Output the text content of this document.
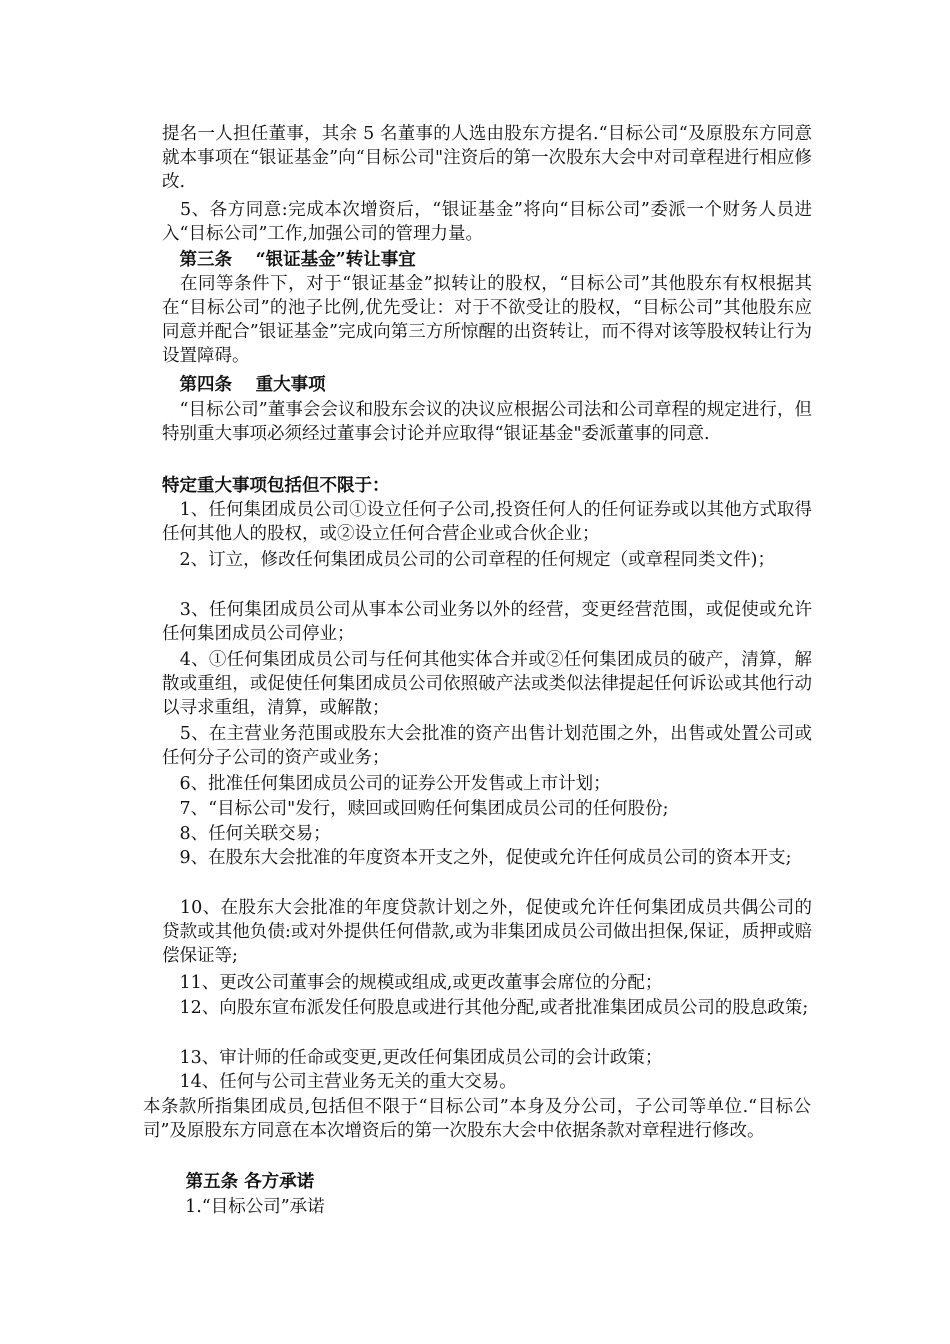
提名一人担任董事，其余 5 名董事的人选由股东方提名.“目标公司“及原股东方同意就本事项在“银证基金”向“目标公司"注资后的第一次股东大会中对司章程进行相应修改.

　5、各方同意:完成本次增资后，“银证基金”将向“目标公司”委派一个财务人员进入“目标公司”工作,加强公司的管理力量。

　第三条　 “银证基金”转让事宜

　在同等条件下，对于“银证基金”拟转让的股权，“目标公司”其他股东有权根据其在“目标公司”的池子比例,优先受让：对于不欲受让的股权，“目标公司”其他股东应同意并配合”银证基金”完成向第三方所惊醒的出资转让，而不得对该等股权转让行为设置障碍。

　第四条　 重大事项

　“目标公司”董事会会议和股东会议的决议应根据公司法和公司章程的规定进行，但特别重大事项必须经过董事会讨论并应取得“银证基金"委派董事的同意.

特定重大事项包括但不限于：

　1、任何集团成员公司①设立任何子公司,投资任何人的任何证券或以其他方式取得任何其他人的股权，或②设立任何合营企业或合伙企业；

　2、订立，修改任何集团成员公司的公司章程的任何规定（或章程同类文件)；

　3、任何集团成员公司从事本公司业务以外的经营，变更经营范围，或促使或允许任何集团成员公司停业；

　4、①任何集团成员公司与任何其他实体合并或②任何集团成员的破产，清算，解散或重组，或促使任何集团成员公司依照破产法或类似法律提起任何诉讼或其他行动以寻求重组，清算，或解散；

　5、在主营业务范围或股东大会批准的资产出售计划范围之外，出售或处置公司或任何分子公司的资产或业务；

　6、批准任何集团成员公司的证券公开发售或上市计划；

　7、“目标公司"发行，赎回或回购任何集团成员公司的任何股份;

　8、任何关联交易；

　9、在股东大会批准的年度资本开支之外，促使或允许任何成员公司的资本开支;

　10、在股东大会批准的年度贷款计划之外，促使或允许任何集团成员共偶公司的贷款或其他负债:或对外提供任何借款,或为非集团成员公司做出担保,保证，质押或赔偿保证等;

　11、更改公司董事会的规模或组成,或更改董事会席位的分配；

　12、向股东宣布派发任何股息或进行其他分配,或者批准集团成员公司的股息政策;

　13、审计师的任命或变更,更改任何集团成员公司的会计政策；

　14、任何与公司主营业务无关的重大交易。

本条款所指集团成员,包括但不限于“目标公司”本身及分公司，子公司等单位.“目标公司”及原股东方同意在本次增资后的第一次股东大会中依据条款对章程进行修改。

　 第五条 各方承诺

　 1.“目标公司”承诺
